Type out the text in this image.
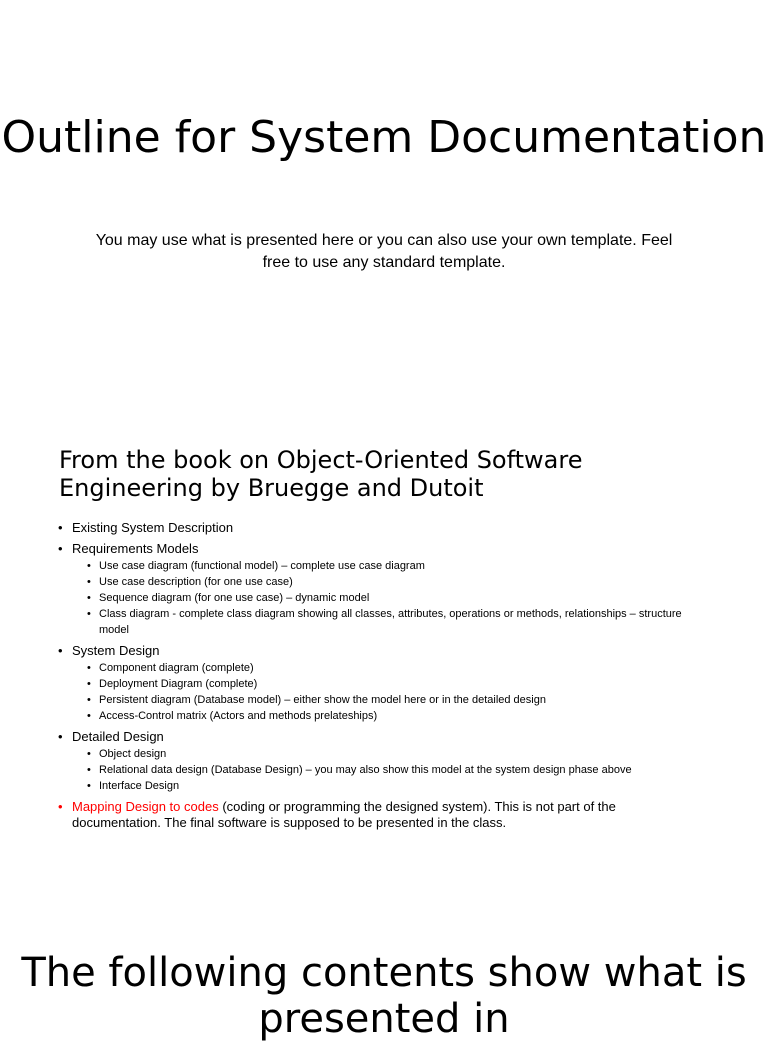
Outline for System Documentation

You may use what is presented here or you can also use your own template. Feel free to use any standard template.

From the book on Object-Oriented Software Engineering by Bruegge and Dutoit
• Existing System Description
• Requirements Models
• Use case diagram (functional model) – complete use case diagram
• Use case description (for one use case)
• Sequence diagram (for one use case) – dynamic model
• Class diagram - complete class diagram showing all classes, attributes, operations or methods, relationships – structure model
• System Design
• Component diagram (complete)
• Deployment Diagram (complete)
• Persistent diagram (Database model) – either show the model here or in the detailed design
• Access-Control matrix (Actors and methods prelateships)
• Detailed Design
• Object design
• Relational data design (Database Design) – you may also show this model at the system design phase above
• Interface Design
• Mapping Design to codes (coding or programming the designed system). This is not part of the documentation. The final software is supposed to be presented in the class.
The following contents show what is presented in
